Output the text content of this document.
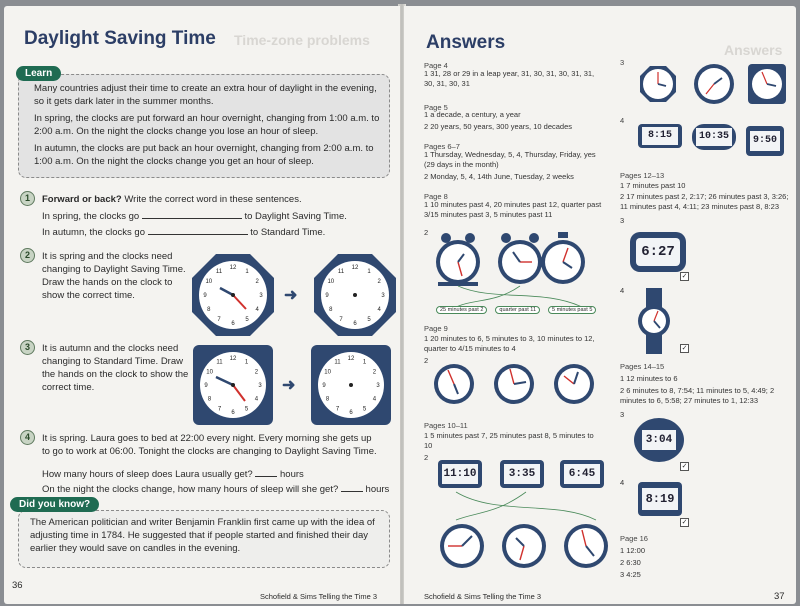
Time-zone problems
Daylight Saving Time
Learn
Many countries adjust their time to create an extra hour of daylight in the evening, so it gets dark later in the summer months.
In spring, the clocks are put forward an hour overnight, changing from 1:00 a.m. to 2:00 a.m. On the night the clocks change you lose an hour of sleep.
In autumn, the clocks are put back an hour overnight, changing from 2:00 a.m. to 1:00 a.m. On the night the clocks change you get an hour of sleep.
1	Forward or back? Write the correct word in these sentences.
In spring, the clocks go	to Daylight Saving Time.
In autumn, the clocks go	to Standard Time.
2	It is spring and the clocks need changing to Daylight Saving Time. Draw the hands on the clock to show the correct time.
12
1
2
3
4
5
6
7
8
9
10
11
➜
12
1
2
3
4
5
6
7
8
9
10
11
3	It is autumn and the clocks need changing to Standard Time. Draw the hands on the clock to show the correct time.
12
1
2
3
4
5
6
7
8
9
10
11
➜
12
1
2
3
4
5
6
7
8
9
10
11
4	It is spring. Laura goes to bed at 22:00 every night. Every morning she gets up to go to work at 06:00. Tonight the clocks are changing to Daylight Saving Time.
How many hours of sleep does Laura usually get?	hours
On the night the clocks change, how many hours of sleep will she get?	hours
Did you know?
The American politician and writer Benjamin Franklin first came up with the idea of adjusting time in 1784. He suggested that if people started and finished their day earlier they would save on candles in the evening.
36
Schofield & Sims Telling the Time 3
Answers
Answers
Page 4
1 31, 28 or 29 in a leap year, 31, 30, 31, 30, 31, 31, 30, 31, 30, 31
Page 5
1 a decade, a century, a year
2 20 years, 50 years, 300 years, 10 decades
Pages 6–7
1 Thursday, Wednesday, 5, 4, Thursday, Friday, yes (29 days in the month)
2 Monday, 5, 4, 14th June, Tuesday, 2 weeks
Page 8
1 10 minutes past 4, 20 minutes past 12, quarter past 3/15 minutes past 3, 5 minutes past 11
2
25 minutes past 2	quarter past 11	5 minutes past 5
Page 9
1 20 minutes to 6, 5 minutes to 3, 10 minutes to 12, quarter to 4/15 minutes to 4
2
Pages 10–11
1 5 minutes past 7, 25 minutes past 8, 5 minutes to 10
2
11:10	3:35	6:45
3
4
8:15	10:35	9:50
Pages 12–13
1 7 minutes past 10
2 17 minutes past 2, 2:17; 26 minutes past 3, 3:26; 11 minutes past 4, 4:11; 23 minutes past 8, 8:23
3
6:27
✓
4
✓
Pages 14–15
1 12 minutes to 6
2 6 minutes to 8, 7:54; 11 minutes to 5, 4:49; 2 minutes to 6, 5:58; 27 minutes to 1, 12:33
3
3:04
✓
4
8:19
✓
Page 16
1 12:00
2 6:30
3 4:25
Schofield & Sims Telling the Time 3	37
